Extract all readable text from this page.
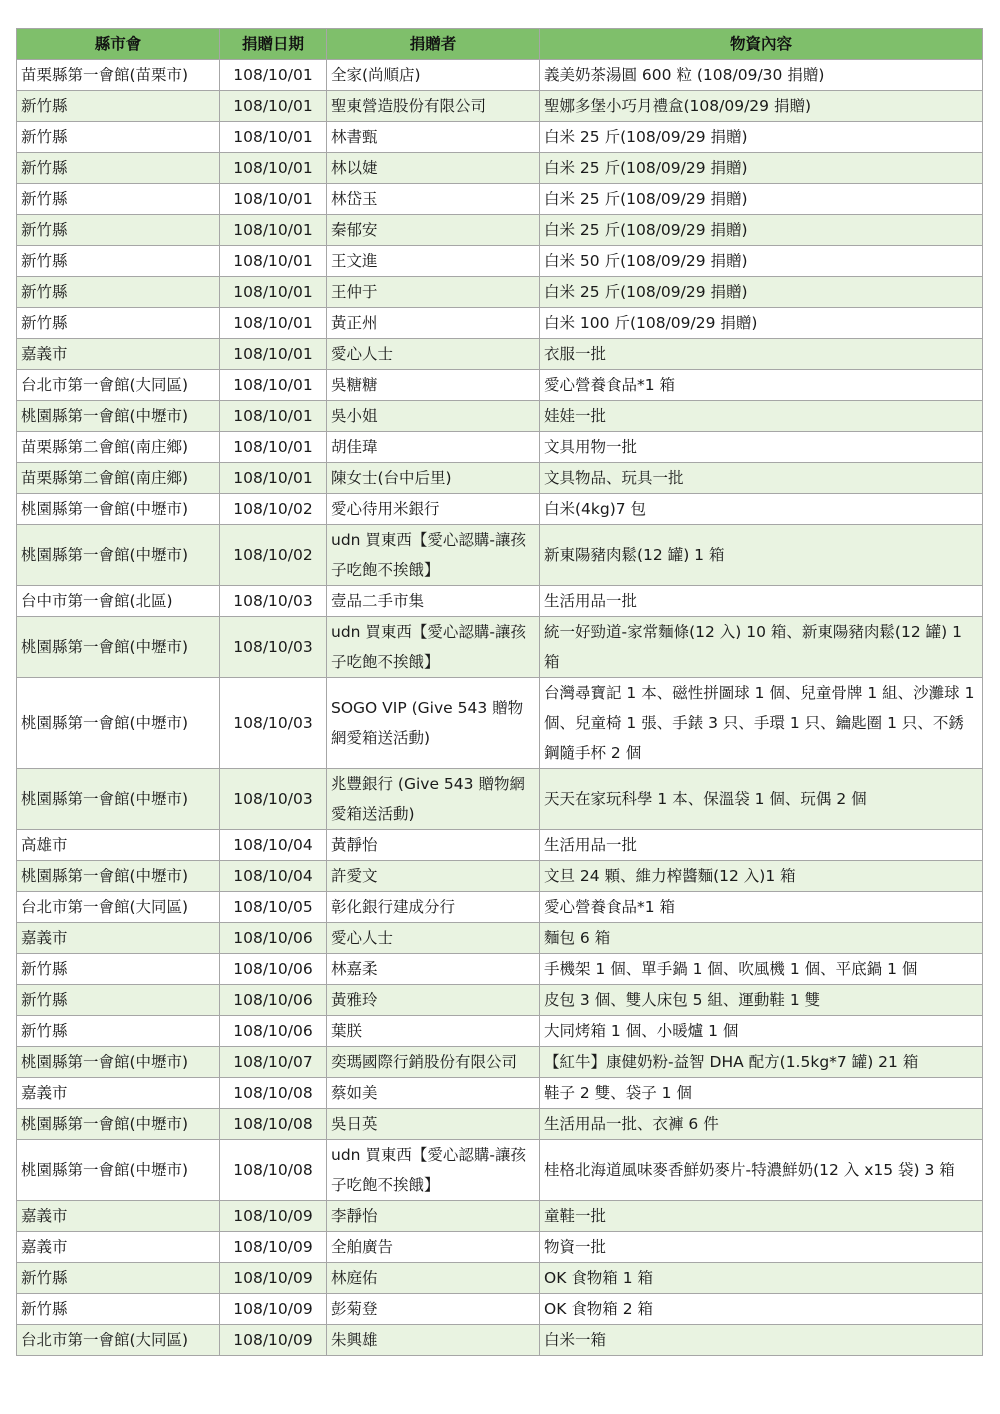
縣市會	捐贈日期	捐贈者	物資內容
苗栗縣第一會館(苗栗市)	108/10/01	全家(尚順店)	義美奶茶湯圓 600 粒 (108/09/30 捐贈)
新竹縣	108/10/01	聖東營造股份有限公司	聖娜多堡小巧月禮盒(108/09/29 捐贈)
新竹縣	108/10/01	林書甄	白米 25 斤(108/09/29 捐贈)
新竹縣	108/10/01	林以婕	白米 25 斤(108/09/29 捐贈)
新竹縣	108/10/01	林岱玉	白米 25 斤(108/09/29 捐贈)
新竹縣	108/10/01	秦郁安	白米 25 斤(108/09/29 捐贈)
新竹縣	108/10/01	王文進	白米 50 斤(108/09/29 捐贈)
新竹縣	108/10/01	王仲于	白米 25 斤(108/09/29 捐贈)
新竹縣	108/10/01	黃正州	白米 100 斤(108/09/29 捐贈)
嘉義市	108/10/01	愛心人士	衣服一批
台北市第一會館(大同區)	108/10/01	吳糖糖	愛心營養食品*1 箱
桃園縣第一會館(中壢市)	108/10/01	吳小姐	娃娃一批
苗栗縣第二會館(南庄鄉)	108/10/01	胡佳瑋	文具用物一批
苗栗縣第二會館(南庄鄉)	108/10/01	陳女士(台中后里)	文具物品、玩具一批
桃園縣第一會館(中壢市)	108/10/02	愛心待用米銀行	白米(4kg)7 包
桃園縣第一會館(中壢市)	108/10/02	udn 買東西【愛心認購-讓孩子吃飽不挨餓】	新東陽豬肉鬆(12 罐) 1 箱
台中市第一會館(北區)	108/10/03	壹品二手市集	生活用品一批
桃園縣第一會館(中壢市)	108/10/03	udn 買東西【愛心認購-讓孩子吃飽不挨餓】	統一好勁道-家常麵條(12 入) 10 箱、新東陽豬肉鬆(12 罐) 1 箱
桃園縣第一會館(中壢市)	108/10/03	SOGO VIP (Give 543 贈物網愛箱送活動)	台灣尋寶記 1 本、磁性拼圖球 1 個、兒童骨牌 1 組、沙灘球 1 個、兒童椅 1 張、手錶 3 只、手環 1 只、鑰匙圈 1 只、不銹鋼隨手杯 2 個
桃園縣第一會館(中壢市)	108/10/03	兆豐銀行 (Give 543 贈物網愛箱送活動)	天天在家玩科學 1 本、保溫袋 1 個、玩偶 2 個
高雄市	108/10/04	黃靜怡	生活用品一批
桃園縣第一會館(中壢市)	108/10/04	許愛文	文旦 24 顆、維力榨醬麵(12 入)1 箱
台北市第一會館(大同區)	108/10/05	彰化銀行建成分行	愛心營養食品*1 箱
嘉義市	108/10/06	愛心人士	麵包 6 箱
新竹縣	108/10/06	林嘉柔	手機架 1 個、單手鍋 1 個、吹風機 1 個、平底鍋 1 個
新竹縣	108/10/06	黃雅玲	皮包 3 個、雙人床包 5 組、運動鞋 1 雙
新竹縣	108/10/06	葉朕	大同烤箱 1 個、小暖爐 1 個
桃園縣第一會館(中壢市)	108/10/07	奕瑪國際行銷股份有限公司	【紅牛】康健奶粉-益智 DHA 配方(1.5kg*7 罐) 21 箱
嘉義市	108/10/08	蔡如美	鞋子 2 雙、袋子 1 個
桃園縣第一會館(中壢市)	108/10/08	吳日英	生活用品一批、衣褲 6 件
桃園縣第一會館(中壢市)	108/10/08	udn 買東西【愛心認購-讓孩子吃飽不挨餓】	桂格北海道風味麥香鮮奶麥片-特濃鮮奶(12 入 x15 袋) 3 箱
嘉義市	108/10/09	李靜怡	童鞋一批
嘉義市	108/10/09	全舶廣告	物資一批
新竹縣	108/10/09	林庭佑	OK 食物箱 1 箱
新竹縣	108/10/09	彭菊登	OK 食物箱 2 箱
台北市第一會館(大同區)	108/10/09	朱興雄	白米一箱
